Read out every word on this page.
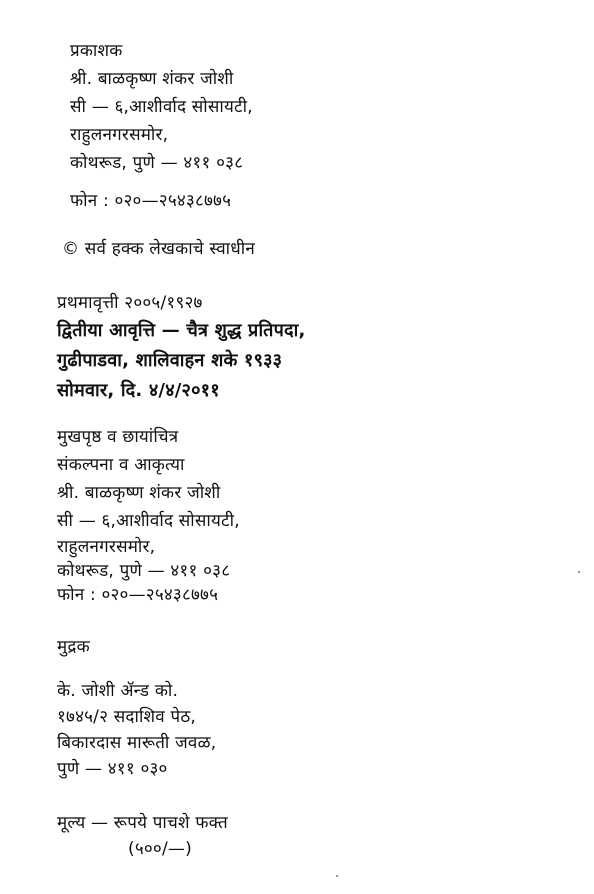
प्रकाशक
श्री. बाळकृष्ण शंकर जोशी
सी — ६,आशीर्वाद सोसायटी,
राहुलनगरसमोर,
कोथरूड, पुणे — ४११ ०३८
फोन : ०२०—२५४३८७७५
© सर्व हक्क लेखकाचे स्वाधीन
प्रथमावृत्ती २००५/१९२७
द्वितीया आवृत्ति — चैत्र शुद्ध प्रतिपदा,
गुढीपाडवा, शालिवाहन शके १९३३
सोमवार, दि. ४/४/२०११
मुखपृष्ठ व छायांचित्र
संकल्पना व आकृत्या
श्री. बाळकृष्ण शंकर जोशी
सी — ६,आशीर्वाद सोसायटी,
राहुलनगरसमोर,
कोथरूड, पुणे — ४११ ०३८
फोन : ०२०—२५४३८७७५
मुद्रक
के. जोशी ॲन्ड को.
१७४५/२ सदाशिव पेठ,
बिकारदास मारूती जवळ,
पुणे — ४११ ०३०
मूल्य — रूपये पाचशे फक्त
(५००/—)
